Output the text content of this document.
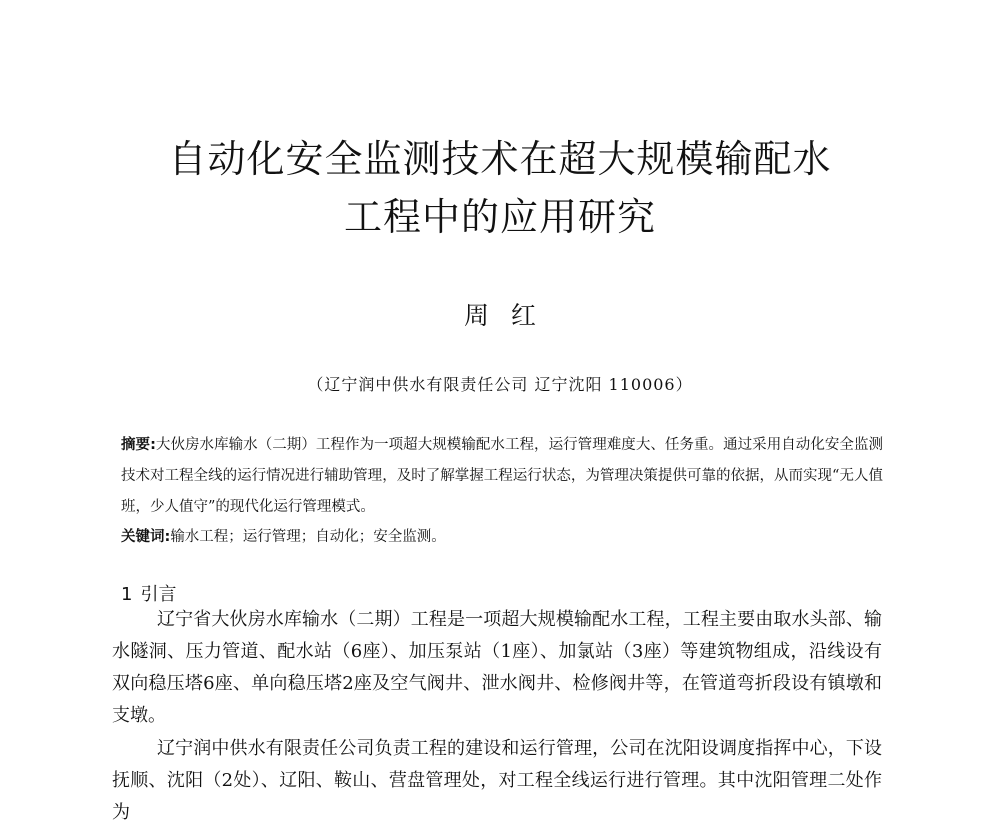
自动化安全监测技术在超大规模输配水
工程中的应用研究
周红
（辽宁润中供水有限责任公司 辽宁沈阳 110006）
摘要:大伙房水库输水（二期）工程作为一项超大规模输配水工程，运行管理难度大、任务重。通过采用自动化安全监测技术对工程全线的运行情况进行辅助管理，及时了解掌握工程运行状态，为管理决策提供可靠的依据，从而实现“无人值班，少人值守”的现代化运行管理模式。
关键词:输水工程；运行管理；自动化；安全监测。
1 引言
辽宁省大伙房水库输水（二期）工程是一项超大规模输配水工程，工程主要由取水头部、输水隧洞、压力管道、配水站（6座）、加压泵站（1座）、加氯站（3座）等建筑物组成，沿线设有双向稳压塔6座、单向稳压塔2座及空气阀井、泄水阀井、检修阀井等，在管道弯折段设有镇墩和支墩。
辽宁润中供水有限责任公司负责工程的建设和运行管理，公司在沈阳设调度指挥中心，下设抚顺、沈阳（2处）、辽阳、鞍山、营盘管理处，对工程全线运行进行管理。其中沈阳管理二处作为
